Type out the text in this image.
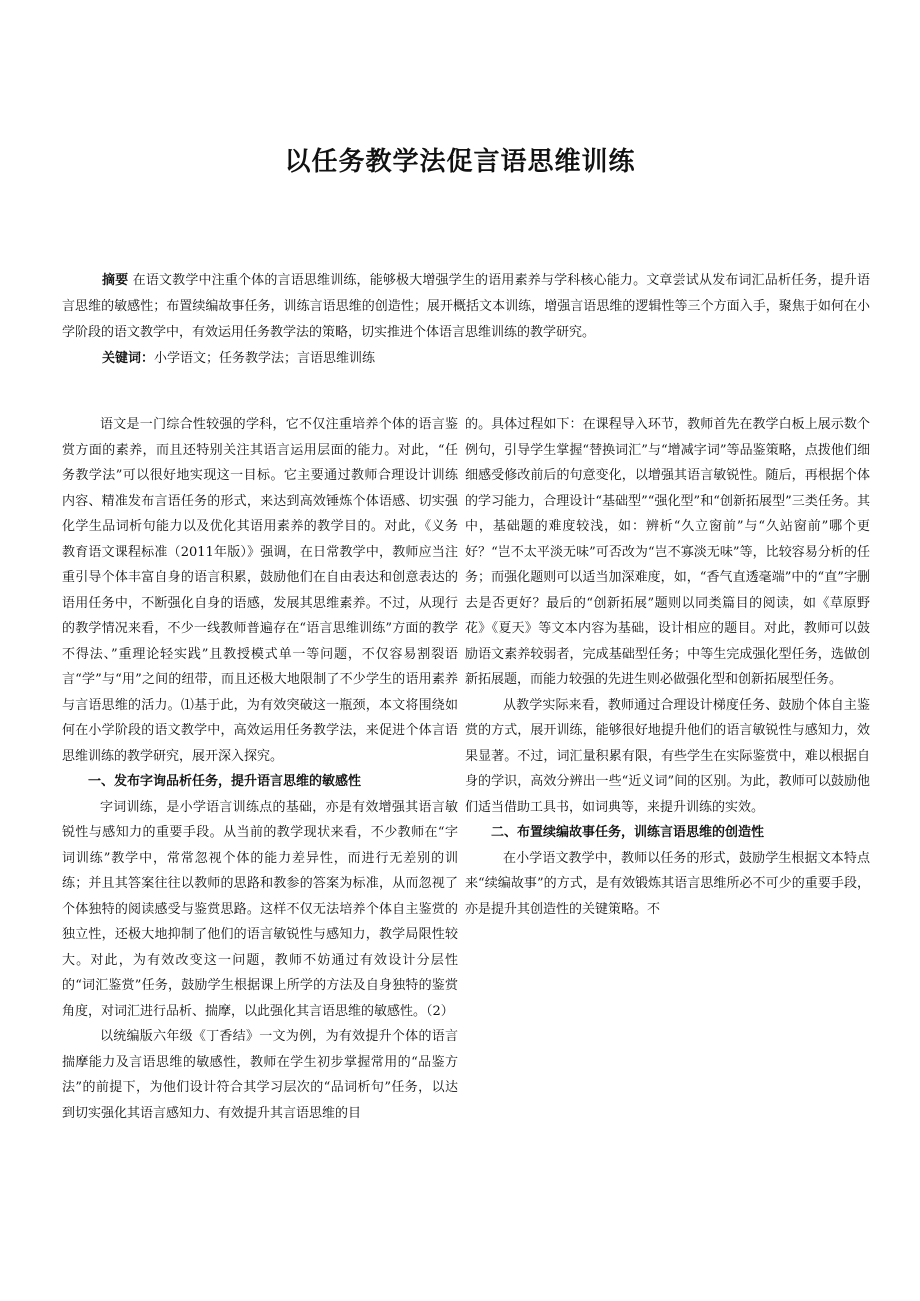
以任务教学法促言语思维训练

摘要 在语文教学中注重个体的言语思维训练，能够极大增强学生的语用素养与学科核心能力。文章尝试从发布词汇品析任务，提升语言思维的敏感性；布置续编故事任务，训练言语思维的创造性；展开概括文本训练，增强言语思维的逻辑性等三个方面入手，聚焦于如何在小学阶段的语文教学中，有效运用任务教学法的策略，切实推进个体语言思维训练的教学研究。

关键词：小学语文；任务教学法；言语思维训练

语文是一门综合性较强的学科，它不仅注重培养个体的语言鉴赏方面的素养，而且还特别关注其语言运用层面的能力。对此，“任务教学法”可以很好地实现这一目标。它主要通过教师合理设计训练内容、精准发布言语任务的形式，来达到高效锤炼个体语感、切实强化学生品词析句能力以及优化其语用素养的教学目的。对此，《义务教育语文课程标准（2011年版）》强调，在日常教学中，教师应当注重引导个体丰富自身的语言积累，鼓励他们在自由表达和创意表达的语用任务中，不断强化自身的语感，发展其思维素养。不过，从现行的教学情况来看，不少一线教师普遍存在“语言思维训练”方面的教学不得法、”重理论轻实践”且教授模式单一等问题，不仅容易割裂语言“学”与“用”之间的纽带，而且还极大地限制了不少学生的语用素养与言语思维的活力。⑴基于此，为有效突破这一瓶颈，本文将围绕如何在小学阶段的语文教学中，高效运用任务教学法，来促进个体言语思维训练的教学研究，展开深入探究。

一、发布字询品析任务，提升语言思维的敏感性

字词训练，是小学语言训练点的基础，亦是有效增强其语言敏锐性与感知力的重要手段。从当前的教学现状来看，不少教师在“字词训练”教学中，常常忽视个体的能力差异性，而进行无差别的训练；并且其答案往往以教师的思路和教参的答案为标准，从而忽视了个体独特的阅读感受与鉴赏思路。这样不仅无法培养个体自主鉴赏的独立性，还极大地抑制了他们的语言敏锐性与感知力，教学局限性较大。对此，为有效改变这一问题，教师不妨通过有效设计分层性的“词汇鉴赏”任务，鼓励学生根据课上所学的方法及自身独特的鉴赏角度，对词汇进行品析、揣摩，以此强化其言语思维的敏感性。（2）

以统编版六年级《丁香结》一文为例，为有效提升个体的语言揣摩能力及言语思维的敏感性，教师在学生初步掌握常用的“品鉴方法”的前提下，为他们设计符合其学习层次的“品词析句”任务，以达到切实强化其语言感知力、有效提升其言语思维的目

的。具体过程如下：在课程导入环节，教师首先在教学白板上展示数个例句，引导学生掌握“替换词汇”与“增减字词”等品鉴策略，点拨他们细细感受修改前后的句意变化，以增强其语言敏锐性。随后，再根据个体的学习能力，合理设计“基础型”“强化型”和“创新拓展型”三类任务。其中，基础题的难度较浅，如：辨析“久立窗前”与“久站窗前”哪个更好？“岂不太平淡无味”可否改为“岂不寡淡无味”等，比较容易分析的任务；而强化题则可以适当加深难度，如，“香气直透毫端”中的“直”字删去是否更好？最后的“创新拓展”题则以同类篇目的阅读，如《草原野花》《夏天》等文本内容为基础，设计相应的题目。对此，教师可以鼓励语文素养较弱者，完成基础型任务；中等生完成强化型任务，选做创新拓展题，而能力较强的先进生则必做强化型和创新拓展型任务。

从教学实际来看，教师通过合理设计梯度任务、鼓励个体自主鉴赏的方式，展开训练，能够很好地提升他们的语言敏锐性与感知力，效果显著。不过，词汇量积累有限，有些学生在实际鉴赏中，难以根据自身的学识，高效分辨出一些“近义词”间的区别。为此，教师可以鼓励他们适当借助工具书，如词典等，来提升训练的实效。

二、布置续编故事任务，训练言语思维的创造性

在小学语文教学中，教师以任务的形式，鼓励学生根据文本特点来“续编故事”的方式，是有效锻炼其语言思维所必不可少的重要手段，亦是提升其创造性的关键策略。不
